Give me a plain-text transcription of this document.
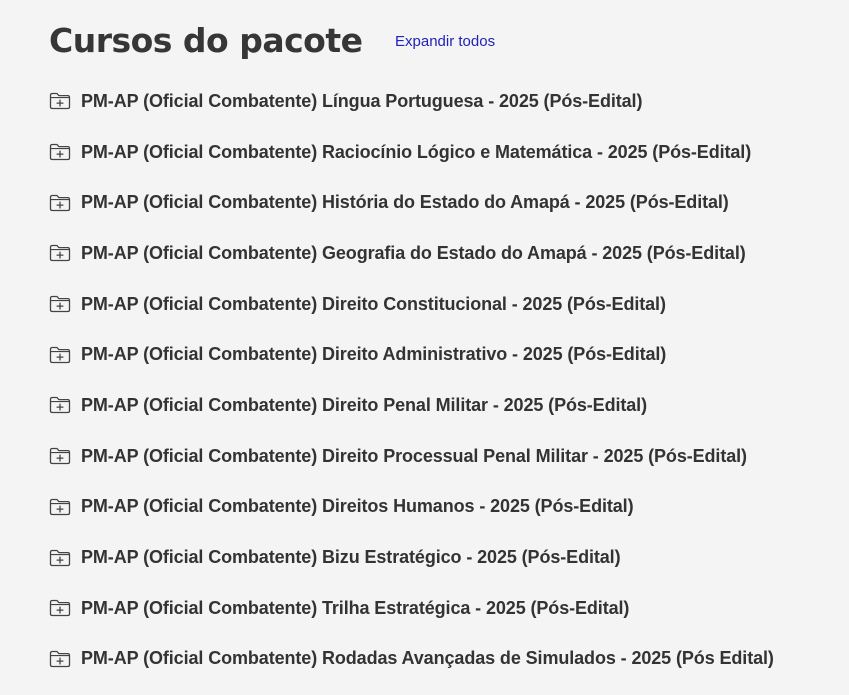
Cursos do pacote Expandir todos
PM-AP (Oficial Combatente) Língua Portuguesa - 2025 (Pós-Edital)
PM-AP (Oficial Combatente) Raciocínio Lógico e Matemática - 2025 (Pós-Edital)
PM-AP (Oficial Combatente) História do Estado do Amapá - 2025 (Pós-Edital)
PM-AP (Oficial Combatente) Geografia do Estado do Amapá - 2025 (Pós-Edital)
PM-AP (Oficial Combatente) Direito Constitucional - 2025 (Pós-Edital)
PM-AP (Oficial Combatente) Direito Administrativo - 2025 (Pós-Edital)
PM-AP (Oficial Combatente) Direito Penal Militar - 2025 (Pós-Edital)
PM-AP (Oficial Combatente) Direito Processual Penal Militar - 2025 (Pós-Edital)
PM-AP (Oficial Combatente) Direitos Humanos - 2025 (Pós-Edital)
PM-AP (Oficial Combatente) Bizu Estratégico - 2025 (Pós-Edital)
PM-AP (Oficial Combatente) Trilha Estratégica - 2025 (Pós-Edital)
PM-AP (Oficial Combatente) Rodadas Avançadas de Simulados - 2025 (Pós Edital)
